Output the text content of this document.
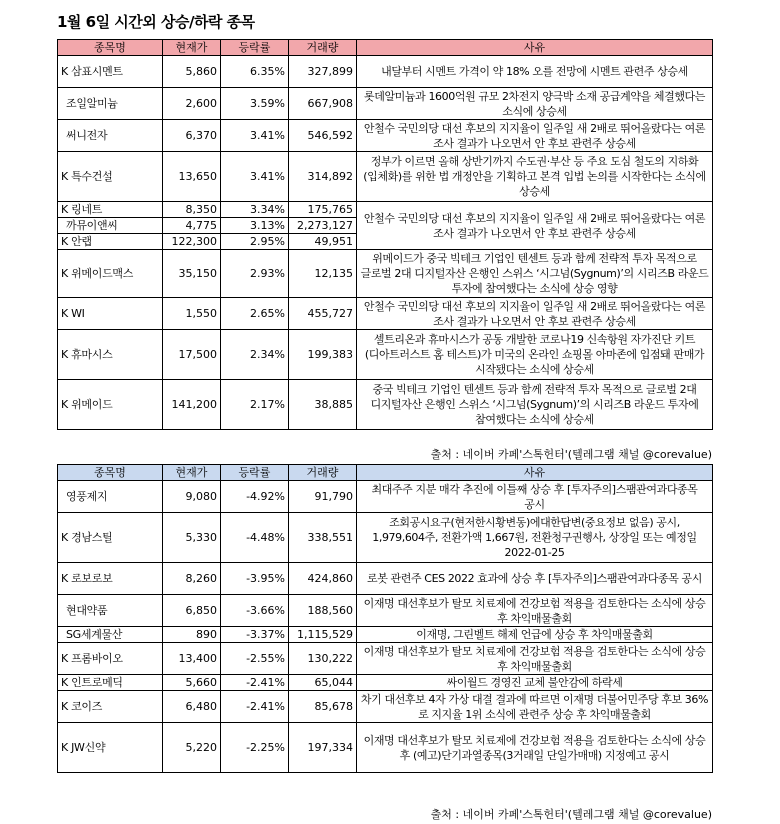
1월 6일 시간외 상승/하락 종목
종목명	현재가	등락률	거래량	사유
K 삼표시멘트	5,860	6.35%	327,899	내달부터 시멘트 가격이 약 18% 오를 전망에 시멘트 관련주 상승세
조일알미늄	2,600	3.59%	667,908	롯데알미늄과 1600억원 규모 2차전지 양극박 소재 공급계약을 체결했다는 소식에 상승세
써니전자	6,370	3.41%	546,592	안철수 국민의당 대선 후보의 지지율이 일주일 새 2배로 뛰어올랐다는 여론 조사 결과가 나오면서 안 후보 관련주 상승세
K 특수건설	13,650	3.41%	314,892	정부가 이르면 올해 상반기까지 수도권·부산 등 주요 도심 철도의 지하화(입체화)를 위한 법 개정안을 기획하고 본격 입법 논의를 시작한다는 소식에 상승세
K 링네트	8,350	3.34%	175,765	안철수 국민의당 대선 후보의 지지율이 일주일 새 2배로 뛰어올랐다는 여론 조사 결과가 나오면서 안 후보 관련주 상승세
까뮤이앤씨	4,775	3.13%	2,273,127	
K 안랩	122,300	2.95%	49,951	
K 위메이드맥스	35,150	2.93%	12,135	위메이드가 중국 빅테크 기업인 텐센트 등과 함께 전략적 투자 목적으로 글로벌 2대 디지털자산 은행인 스위스 ‘시그넘(Sygnum)’의 시리즈B 라운드 투자에 참여했다는 소식에 상승 영향
K WI	1,550	2.65%	455,727	안철수 국민의당 대선 후보의 지지율이 일주일 새 2배로 뛰어올랐다는 여론 조사 결과가 나오면서 안 후보 관련주 상승세
K 휴마시스	17,500	2.34%	199,383	셀트리온과 휴마시스가 공동 개발한 코로나19 신속항원 자가진단 키트(디아트러스트 홈 테스트)가 미국의 온라인 쇼핑몰 아마존에 입점돼 판매가 시작됐다는 소식에 상승세
K 위메이드	141,200	2.17%	38,885	중국 빅테크 기업인 텐센트 등과 함께 전략적 투자 목적으로 글로벌 2대 디지털자산 은행인 스위스 ‘시그넘(Sygnum)’의 시리즈B 라운드 투자에 참여했다는 소식에 상승세
출처 : 네이버 카페'스톡헌터'(텔레그램 채널 @corevalue)
종목명	현재가	등락률	거래량	사유
영풍제지	9,080	-4.92%	91,790	최대주주 지분 매각 추진에 이틀째 상승 후 [투자주의]스팸관여과다종목 공시
K 경남스틸	5,330	-4.48%	338,551	조회공시요구(현저한시황변동)에대한답변(중요정보 없음) 공시, 1,979,604주, 전환가액 1,667원, 전환청구권행사, 상장일 또는 예정일 2022-01-25
K 로보로보	8,260	-3.95%	424,860	로봇 관련주 CES 2022 효과에 상승 후 [투자주의]스팸관여과다종목 공시
현대약품	6,850	-3.66%	188,560	이재명 대선후보가 탈모 치료제에 건강보험 적용을 검토한다는 소식에 상승 후 차익매물출회
SG세계물산	890	-3.37%	1,115,529	이재명, 그린벨트 해제 언급에 상승 후 차익매물출회
K 프롬바이오	13,400	-2.55%	130,222	이재명 대선후보가 탈모 치료제에 건강보험 적용을 검토한다는 소식에 상승 후 차익매물출회
K 인트로메딕	5,660	-2.41%	65,044	싸이월드 경영진 교체 불안감에 하락세
K 코이즈	6,480	-2.41%	85,678	차기 대선후보 4자 가상 대결 결과에 따르면 이재명 더불어민주당 후보 36%로 지지율 1위 소식에 관련주 상승 후 차익매물출회
K JW신약	5,220	-2.25%	197,334	이재명 대선후보가 탈모 치료제에 건강보험 적용을 검토한다는 소식에 상승 후 (예고)단기과열종목(3거래일 단일가매매) 지정예고 공시
출처 : 네이버 카페'스톡헌터'(텔레그램 채널 @corevalue)
